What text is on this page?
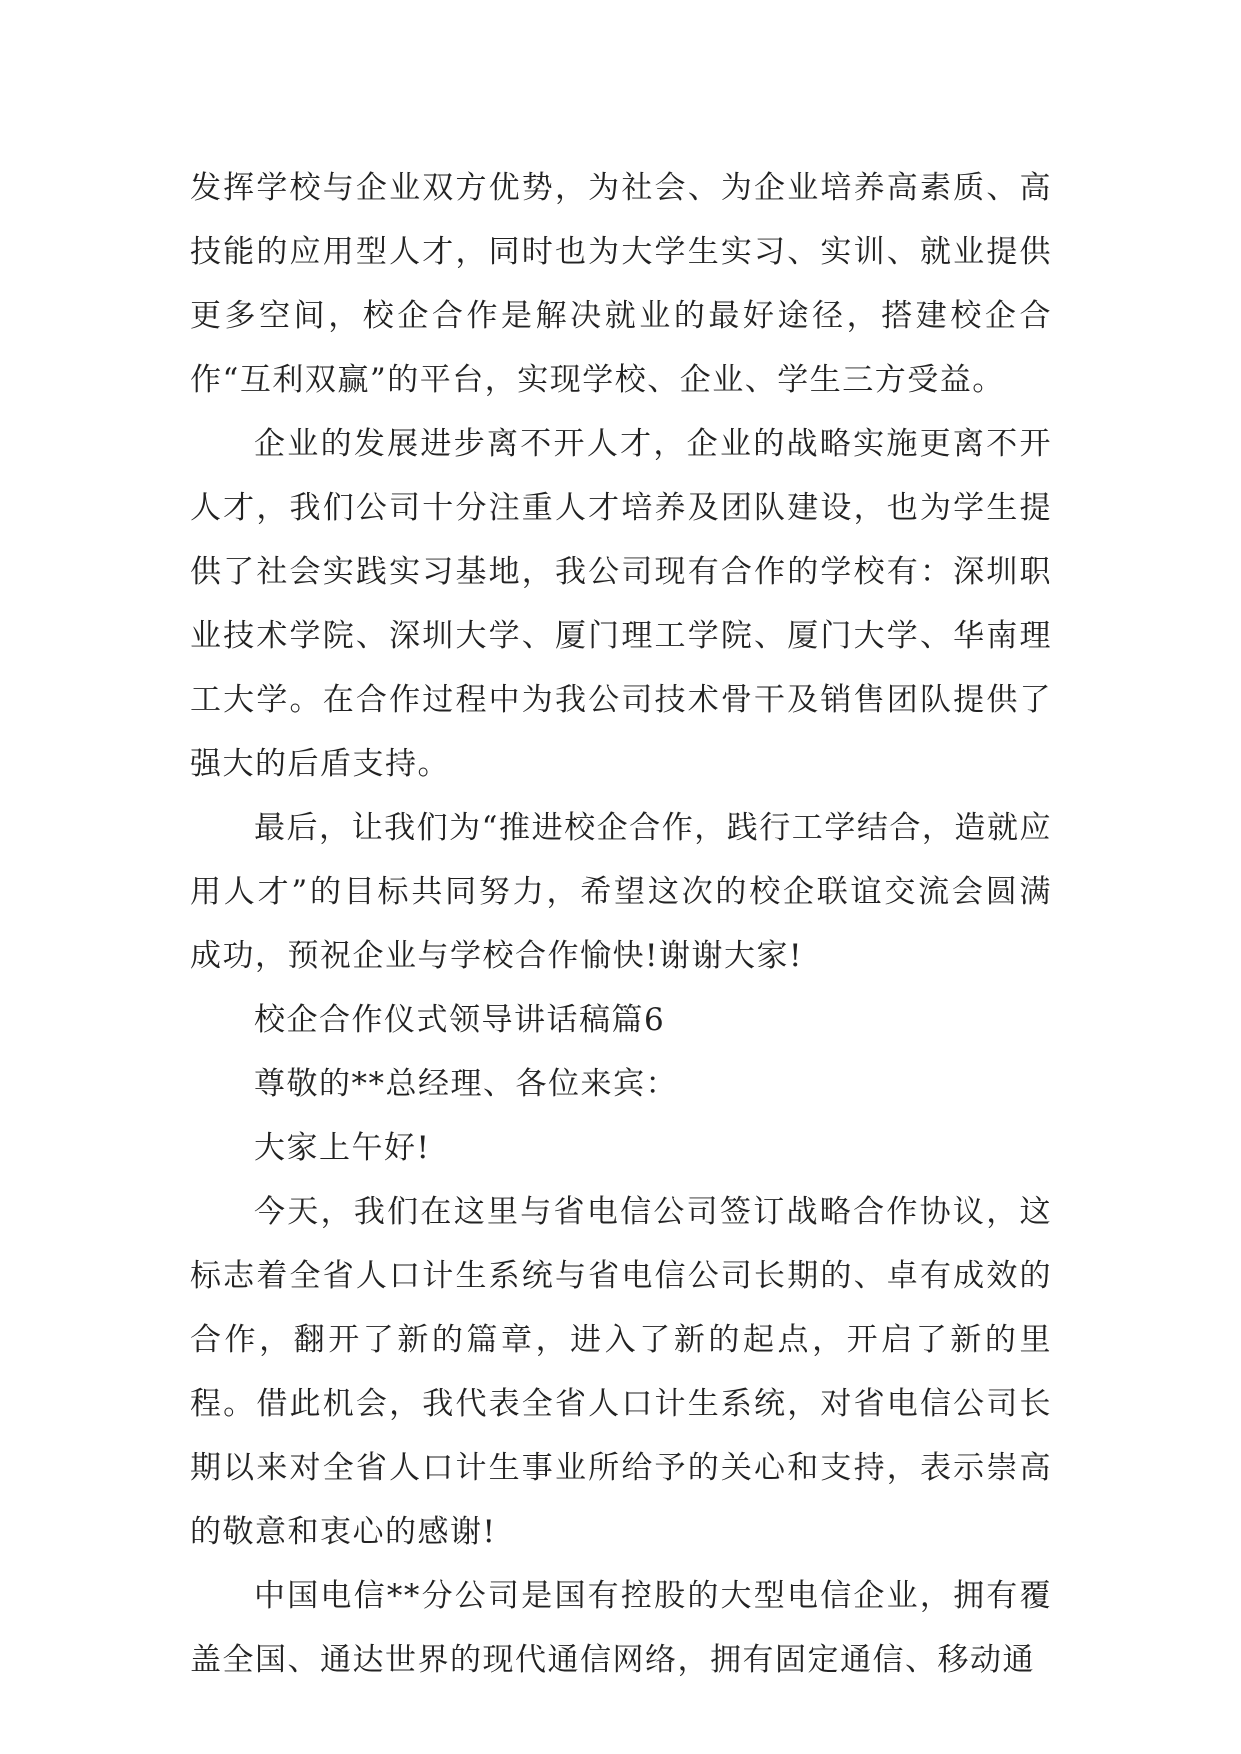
发挥学校与企业双方优势，为社会、为企业培养高素质、高技能的应用型人才，同时也为大学生实习、实训、就业提供更多空间，校企合作是解决就业的最好途径，搭建校企合作“互利双赢”的平台，实现学校、企业、学生三方受益。

企业的发展进步离不开人才，企业的战略实施更离不开人才，我们公司十分注重人才培养及团队建设，也为学生提供了社会实践实习基地，我公司现有合作的学校有：深圳职业技术学院、深圳大学、厦门理工学院、厦门大学、华南理工大学。在合作过程中为我公司技术骨干及销售团队提供了强大的后盾支持。

最后，让我们为“推进校企合作，践行工学结合，造就应用人才”的目标共同努力，希望这次的校企联谊交流会圆满成功，预祝企业与学校合作愉快!谢谢大家!

校企合作仪式领导讲话稿篇6

尊敬的**总经理、各位来宾：

大家上午好!

今天，我们在这里与省电信公司签订战略合作协议，这标志着全省人口计生系统与省电信公司长期的、卓有成效的合作，翻开了新的篇章，进入了新的起点，开启了新的里程。借此机会，我代表全省人口计生系统，对省电信公司长期以来对全省人口计生事业所给予的关心和支持，表示崇高的敬意和衷心的感谢!

中国电信**分公司是国有控股的大型电信企业，拥有覆盖全国、通达世界的现代通信网络，拥有固定通信、移动通
